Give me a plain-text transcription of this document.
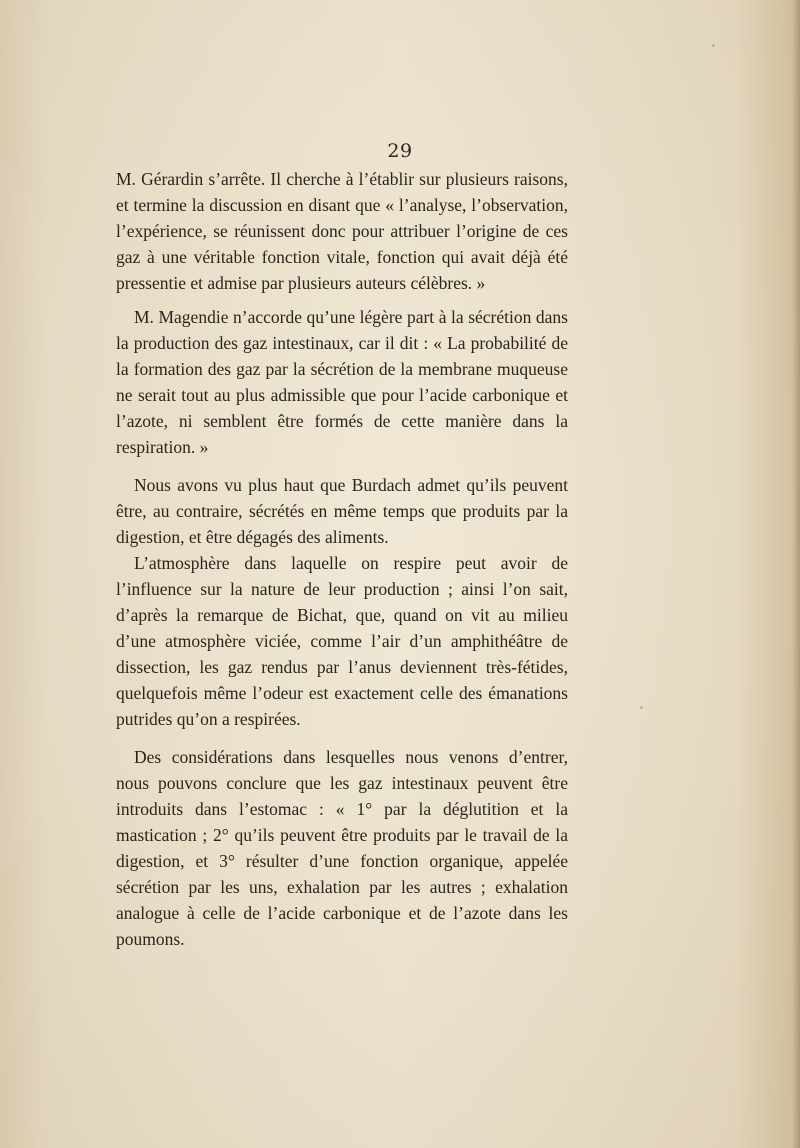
29

M. Gérardin s’arrête. Il cherche à l’établir sur plusieurs raisons, et termine la discussion en disant que « l’analyse, l’observation, l’expérience, se réunissent donc pour attribuer l’origine de ces gaz à une véritable fonction vitale, fonction qui avait déjà été pressentie et admise par plusieurs auteurs célèbres. »

M. Magendie n’accorde qu’une légère part à la sécrétion dans la production des gaz intestinaux, car il dit : « La probabilité de la formation des gaz par la sécrétion de la membrane muqueuse ne serait tout au plus admissible que pour l’acide carbonique et l’azote, ni semblent être formés de cette manière dans la respiration. »

Nous avons vu plus haut que Burdach admet qu’ils peuvent être, au contraire, sécrétés en même temps que produits par la digestion, et être dégagés des aliments.

L’atmosphère dans laquelle on respire peut avoir de l’influence sur la nature de leur production ; ainsi l’on sait, d’après la remarque de Bichat, que, quand on vit au milieu d’une atmosphère viciée, comme l’air d’un amphithéâtre de dissection, les gaz rendus par l’anus deviennent très-fétides, quelquefois même l’odeur est exactement celle des émanations putrides qu’on a respirées.

Des considérations dans lesquelles nous venons d’entrer, nous pouvons conclure que les gaz intestinaux peuvent être introduits dans l’estomac : « 1° par la déglutition et la mastication ; 2° qu’ils peuvent être produits par le travail de la digestion, et 3° résulter d’une fonction organique, appelée sécrétion par les uns, exhalation par les autres ; exhalation analogue à celle de l’acide carbonique et de l’azote dans les poumons.
